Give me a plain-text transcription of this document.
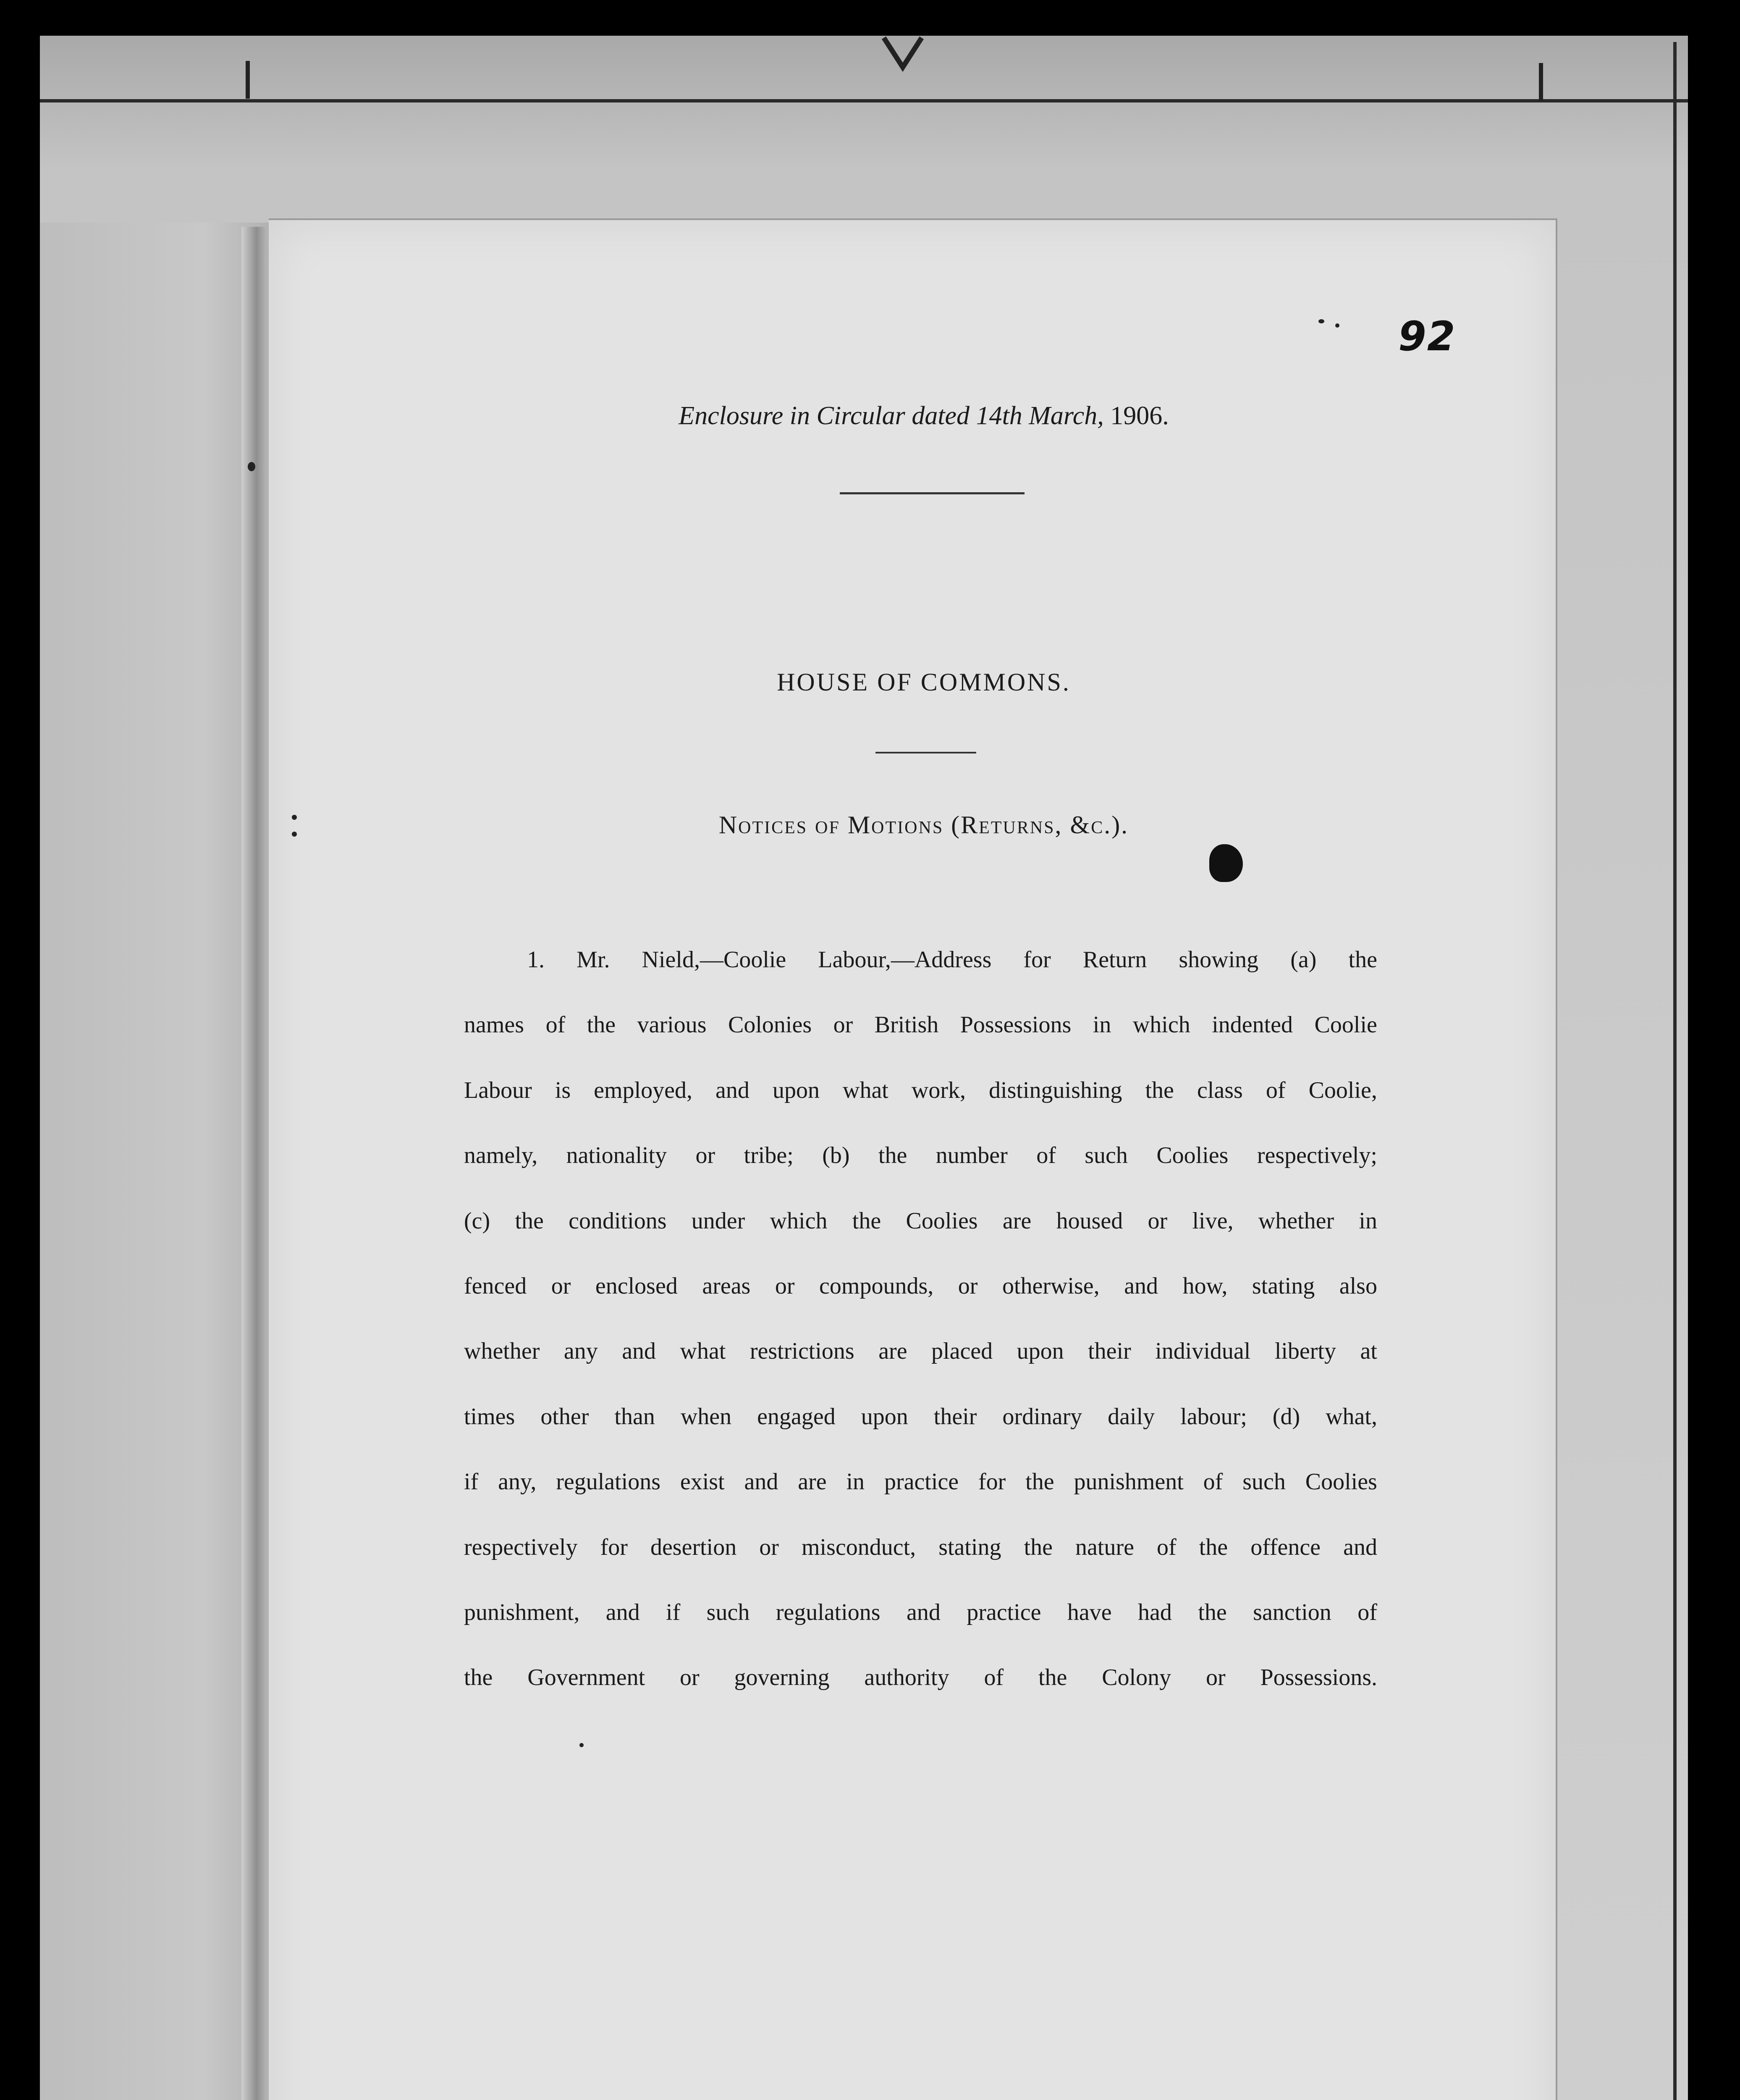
92
Enclosure in Circular dated 14th March, 1906.
HOUSE OF COMMONS.
Notices of Motions (Returns, &c.).
1. Mr. Nield,—Coolie Labour,—Address for Return showing (a) the
names of the various Colonies or British Possessions in which indented Coolie
Labour is employed, and upon what work, distinguishing the class of Coolie,
namely, nationality or tribe; (b) the number of such Coolies respectively;
(c) the conditions under which the Coolies are housed or live, whether in
fenced or enclosed areas or compounds, or otherwise, and how, stating also
whether any and what restrictions are placed upon their individual liberty at
times other than when engaged upon their ordinary daily labour; (d) what,
if any, regulations exist and are in practice for the punishment of such Coolies
respectively for desertion or misconduct, stating the nature of the offence and
punishment, and if such regulations and practice have had the sanction of
the Government or governing authority of the Colony or Possessions.
